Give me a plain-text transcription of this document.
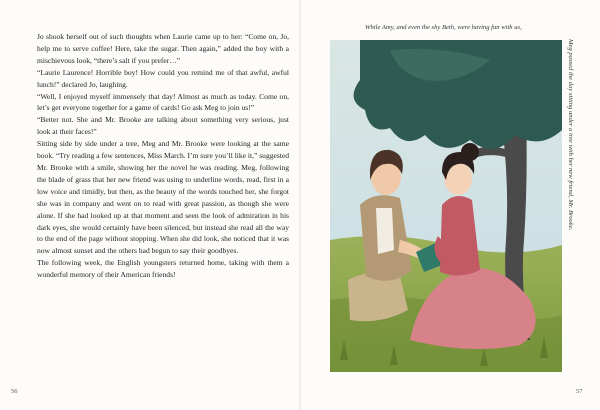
Jo shook herself out of such thoughts when Laurie came up to her: “Come on, Jo, help me to serve coffee! Here, take the sugar. Then again,” added the boy with a mischievous look, “there’s salt if you prefer…”

“Laurie Laurence! Horrible boy! How could you remind me of that awful, awful lunch!” declared Jo, laughing.

“Well, I enjoyed myself immensely that day! Almost as much as today. Come on, let’s get everyone together for a game of cards! Go ask Meg to join us!”

“Better not. She and Mr. Brooke are talking about something very serious, just look at their faces!”

Sitting side by side under a tree, Meg and Mr. Brooke were looking at the same book. “Try reading a few sentences, Miss March. I’m sure you’ll like it,” suggested Mr. Brooke with a smile, showing her the novel he was reading. Meg, following the blade of grass that her new friend was using to underline words, read, first in a low voice and timidly, but then, as the beauty of the words touched her, she forgot she was in company and went on to read with great passion, as though she were alone. If she had looked up at that moment and seen the look of admiration in his dark eyes, she would certainly have been silenced, but instead she read all the way to the end of the page without stopping. When she did look, she noticed that it was now almost sunset and the others had begun to say their goodbyes.

The following week, the English youngsters returned home, taking with them a wonderful memory of their American friends!

56
While Amy, and even the shy Beth, were having fun with us,
Meg passed the day sitting under a tree with her new friend, Mr. Brooke.
57
